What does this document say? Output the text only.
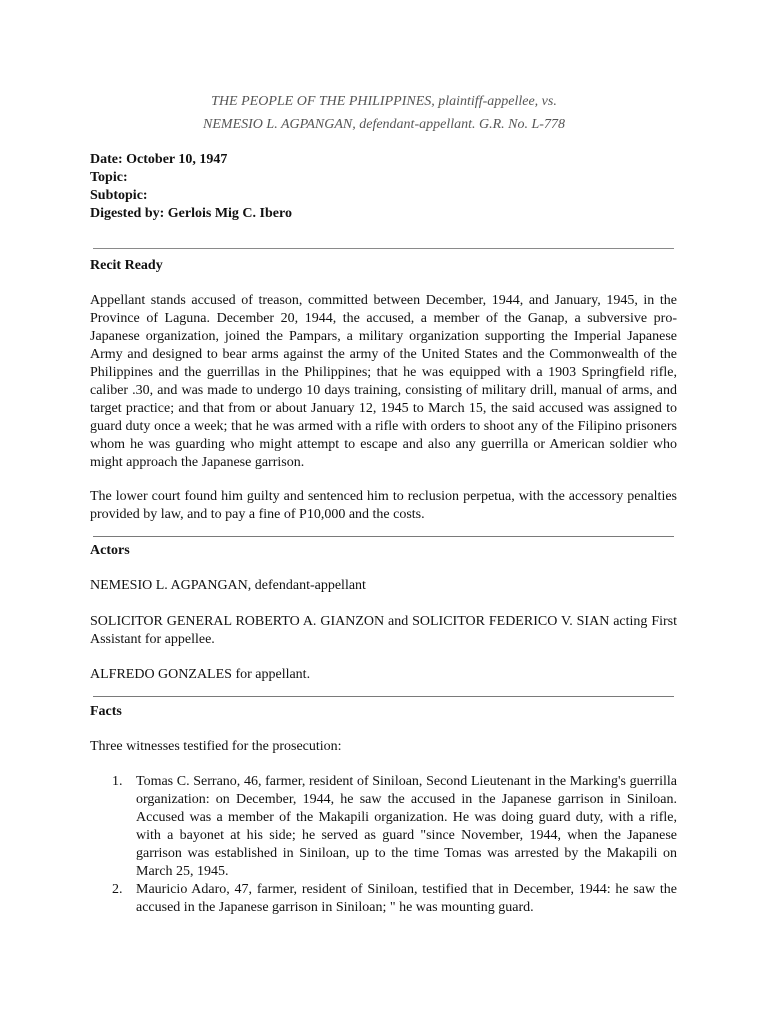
THE PEOPLE OF THE PHILIPPINES, plaintiff-appellee, vs.
NEMESIO L. AGPANGAN, defendant-appellant. G.R. No. L-778
Date: October 10, 1947
Topic:
Subtopic:
Digested by: Gerlois Mig C. Ibero
Recit Ready
Appellant stands accused of treason, committed between December, 1944, and January, 1945, in the Province of Laguna. December 20, 1944, the accused, a member of the Ganap, a subversive pro-Japanese organization, joined the Pampars, a military organization supporting the Imperial Japanese Army and designed to bear arms against the army of the United States and the Commonwealth of the Philippines and the guerrillas in the Philippines; that he was equipped with a 1903 Springfield rifle, caliber .30, and was made to undergo 10 days training, consisting of military drill, manual of arms, and target practice; and that from or about January 12, 1945 to March 15, the said accused was assigned to guard duty once a week; that he was armed with a rifle with orders to shoot any of the Filipino prisoners whom he was guarding who might attempt to escape and also any guerrilla or American soldier who might approach the Japanese garrison.
The lower court found him guilty and sentenced him to reclusion perpetua, with the accessory penalties provided by law, and to pay a fine of P10,000 and the costs.
Actors
NEMESIO L. AGPANGAN, defendant-appellant
SOLICITOR GENERAL ROBERTO A. GIANZON and SOLICITOR FEDERICO V. SIAN acting First Assistant for appellee.
ALFREDO GONZALES for appellant.
Facts
Three witnesses testified for the prosecution:
1. Tomas C. Serrano, 46, farmer, resident of Siniloan, Second Lieutenant in the Marking's guerrilla organization: on December, 1944, he saw the accused in the Japanese garrison in Siniloan. Accused was a member of the Makapili organization. He was doing guard duty, with a rifle, with a bayonet at his side; he served as guard "since November, 1944, when the Japanese garrison was established in Siniloan, up to the time Tomas was arrested by the Makapili on March 25, 1945.
2. Mauricio Adaro, 47, farmer, resident of Siniloan, testified that in December, 1944: he saw the accused in the Japanese garrison in Siniloan; " he was mounting guard.
